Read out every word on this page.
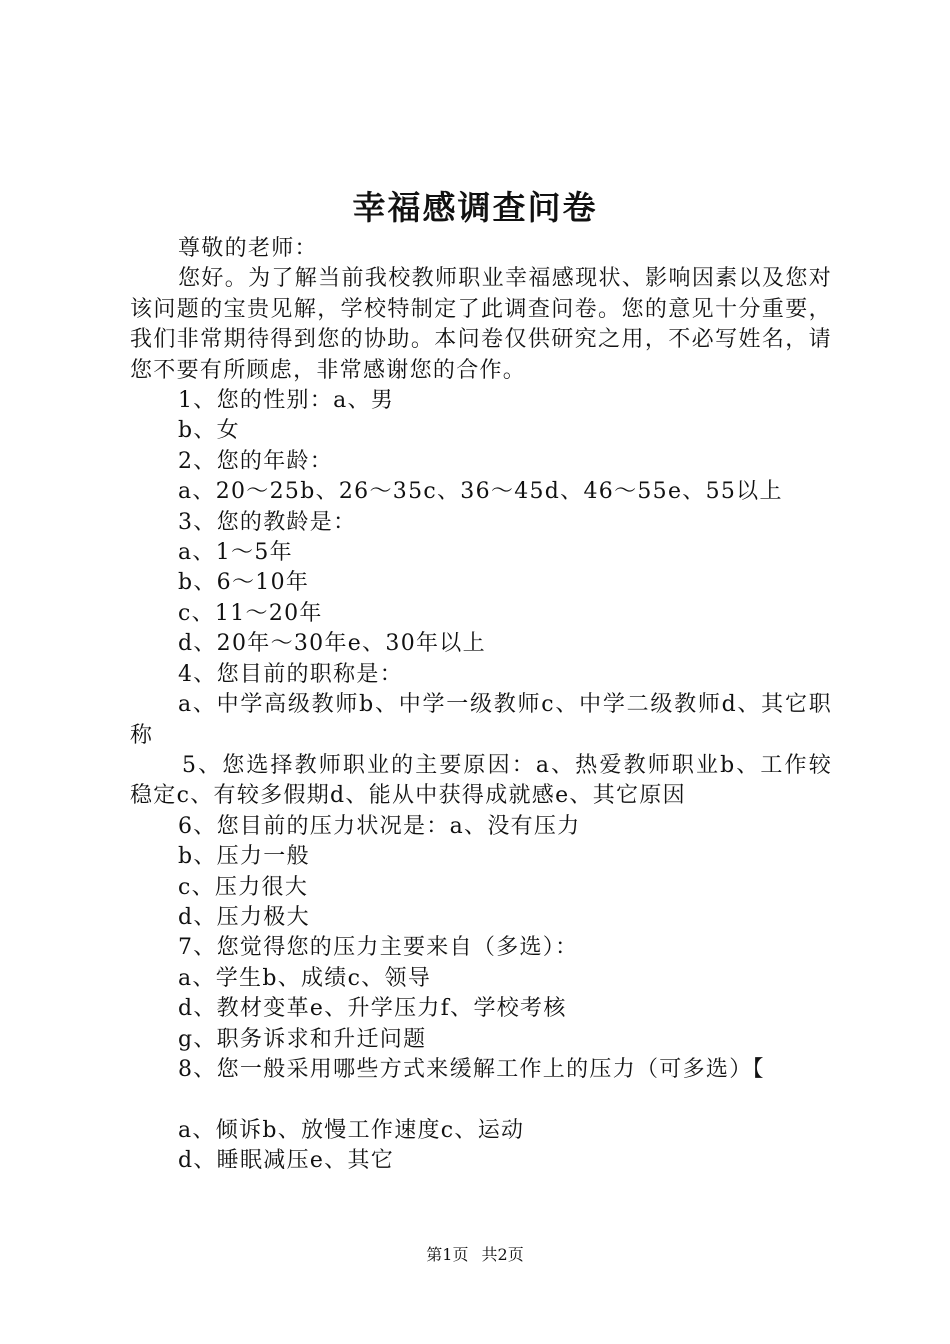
幸福感调查问卷

尊敬的老师：

您好。为了解当前我校教师职业幸福感现状、影响因素以及您对该问题的宝贵见解，学校特制定了此调查问卷。您的意见十分重要，我们非常期待得到您的协助。本问卷仅供研究之用，不必写姓名，请您不要有所顾虑，非常感谢您的合作。

1、您的性别：a、男

b、女

2、您的年龄：

a、20～25b、26～35c、36～45d、46～55e、55以上

3、您的教龄是：

a、1～5年

b、6～10年

c、11～20年

d、20年～30年e、30年以上

4、您目前的职称是：

a、中学高级教师b、中学一级教师c、中学二级教师d、其它职称

5、您选择教师职业的主要原因：a、热爱教师职业b、工作较稳定c、有较多假期d、能从中获得成就感e、其它原因

6、您目前的压力状况是：a、没有压力

b、压力一般

c、压力很大

d、压力极大

7、您觉得您的压力主要来自（多选）：

a、学生b、成绩c、领导

d、教材变革e、升学压力f、学校考核

g、职务诉求和升迁问题

8、您一般采用哪些方式来缓解工作上的压力（可多选）【

a、倾诉b、放慢工作速度c、运动

d、睡眠减压e、其它

第1页 共2页
